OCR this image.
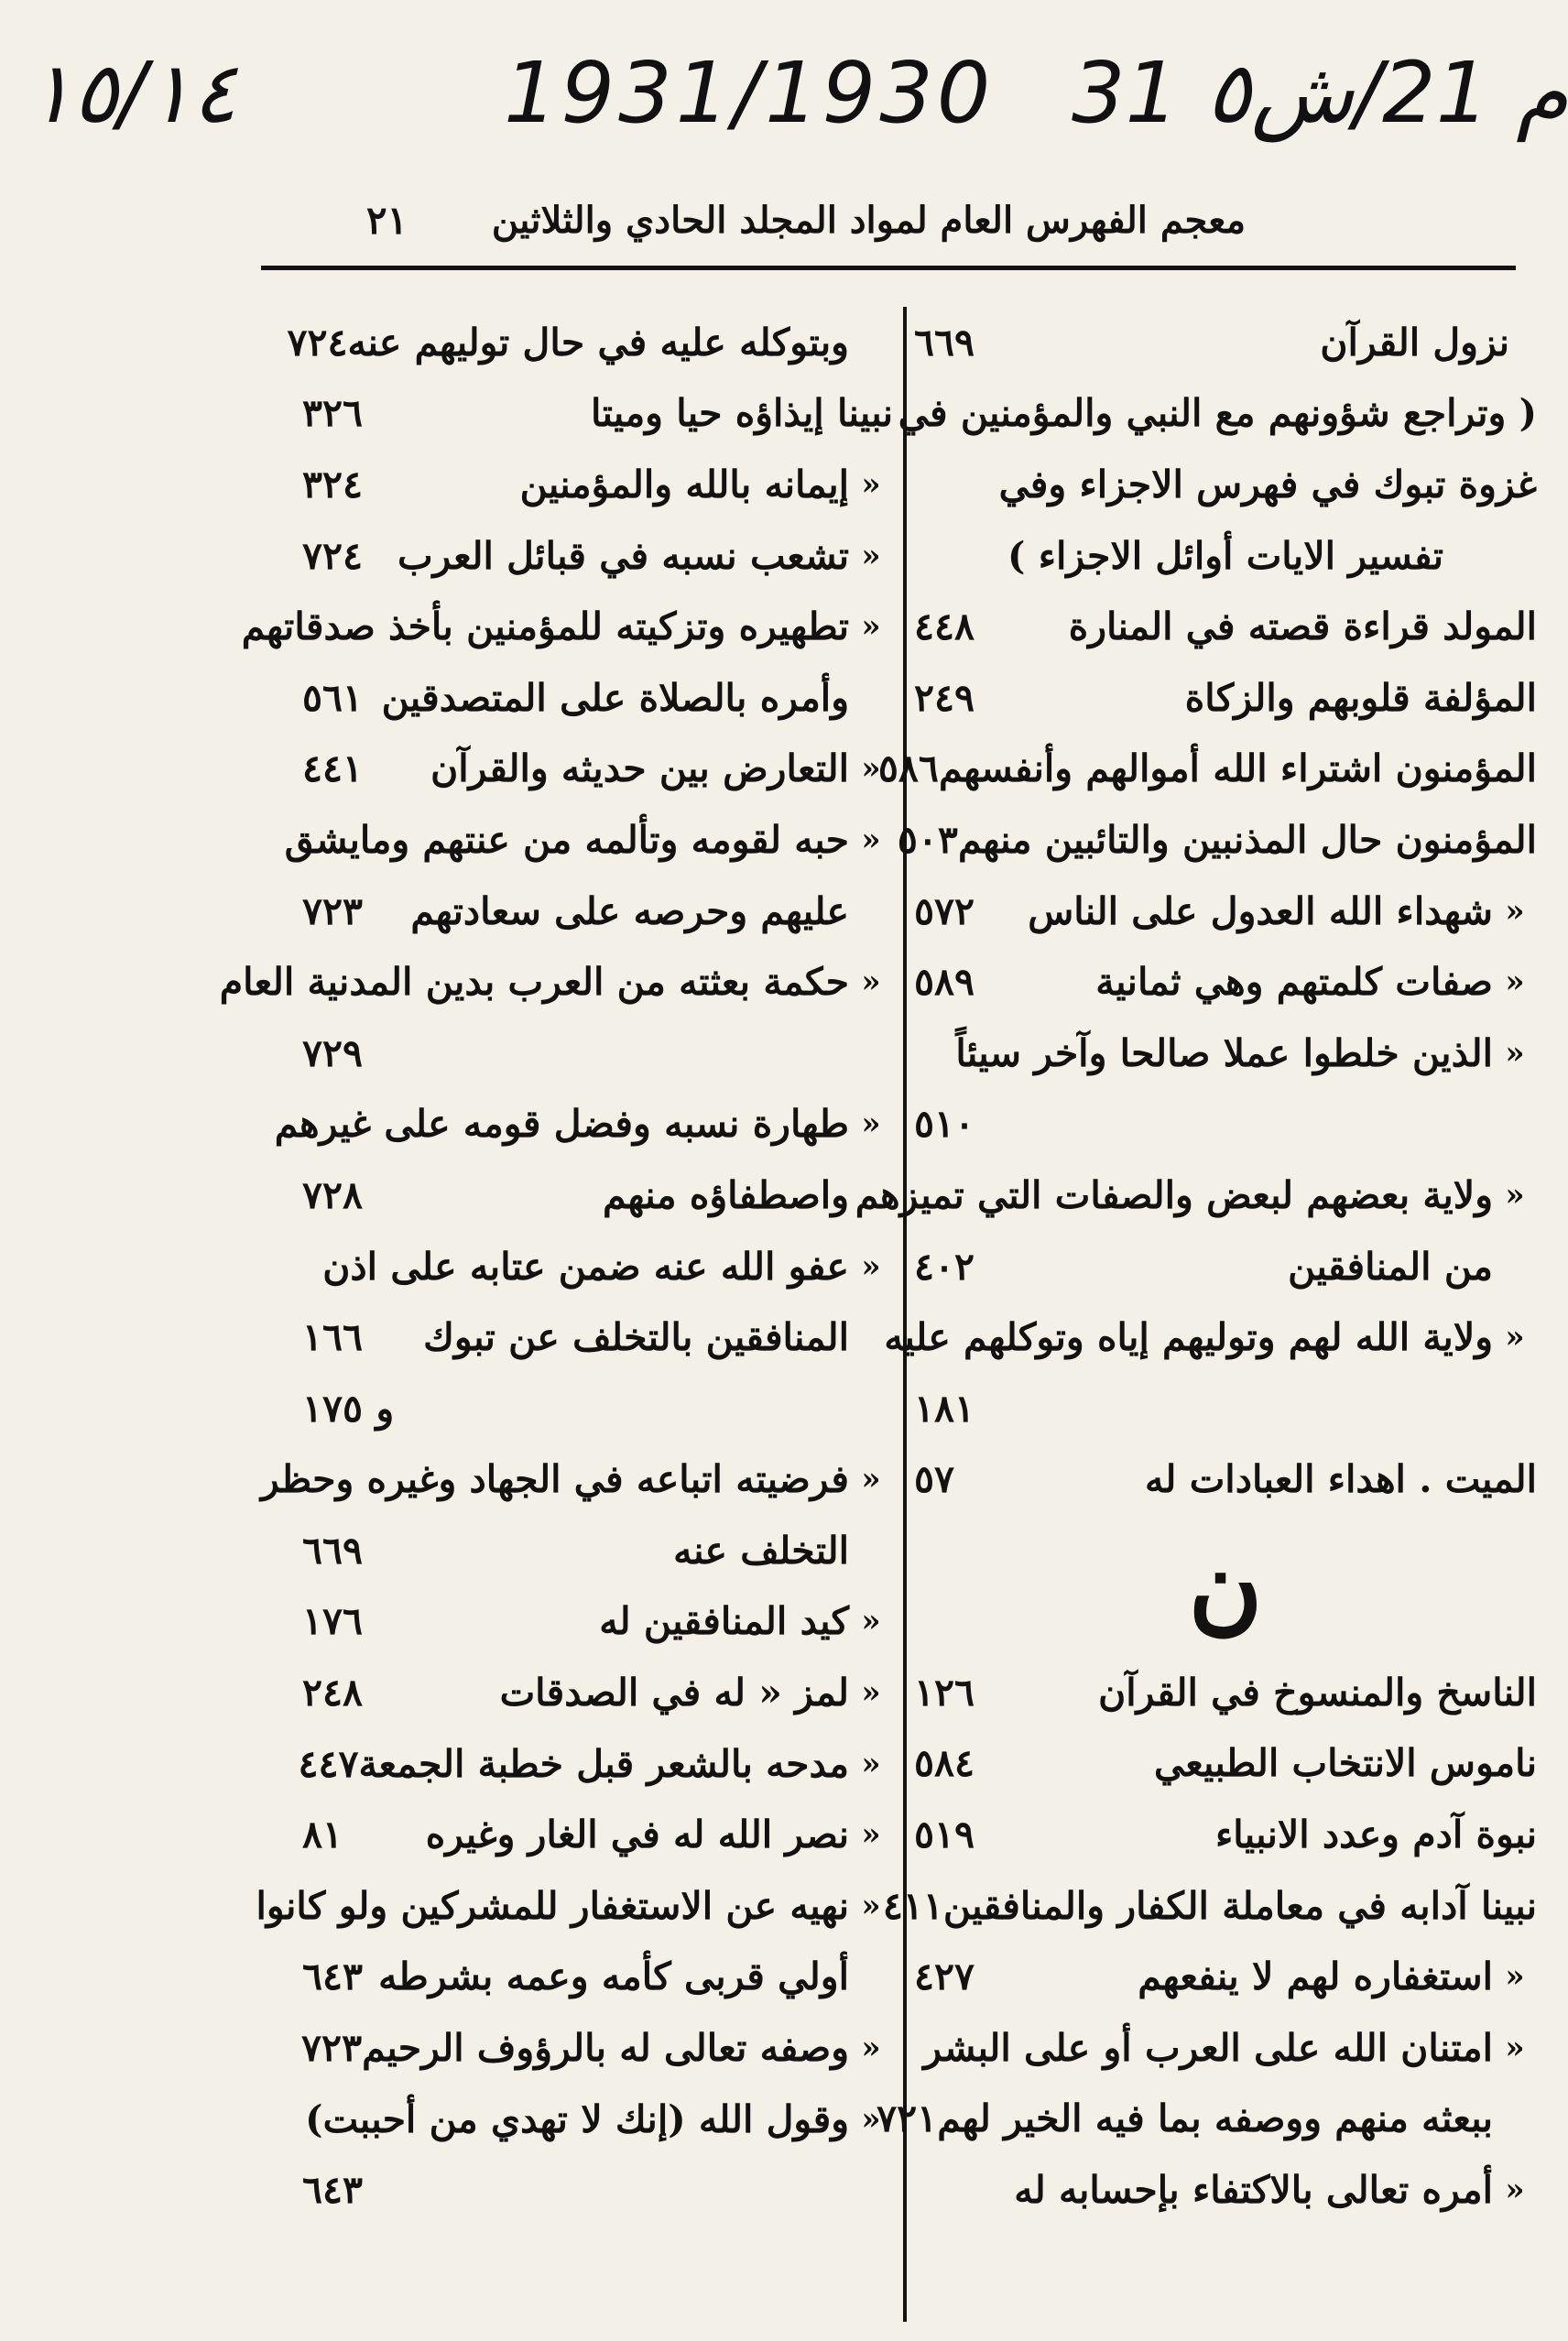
١٥/١٤	1931/1930 31 م 21/ش٥
معجم الفهرس العام لمواد المجلد الحادي والثلاثين
٢١
نزول القرآن
٦٦٩
( وتراجع شؤونهم مع النبي والمؤمنين في
غزوة تبوك في فهرس الاجزاء وفي
تفسير الايات أوائل الاجزاء )
المولد قراءة قصته في المنارة
٤٤٨
المؤلفة قلوبهم والزكاة
٢٤٩
المؤمنون اشتراء الله أموالهم وأنفسهم
٥٨٦
المؤمنون حال المذنبين والتائبين منهم
٥٠٣
«
شهداء الله العدول على الناس
٥٧٢
«
صفات كلمتهم وهي ثمانية
٥٨٩
«
الذين خلطوا عملا صالحا وآخر سيئاً
٥١٠
«
ولاية بعضهم لبعض والصفات التي تميزهم
من المنافقين
٤٠٢
«
ولاية الله لهم وتوليهم إياه وتوكلهم عليه
١٨١
الميت . اهداء العبادات له
٥٧
ن
الناسخ والمنسوخ في القرآن
١٢٦
ناموس الانتخاب الطبيعي
٥٨٤
نبوة آدم وعدد الانبياء
٥١٩
نبينا آدابه في معاملة الكفار والمنافقين
٤١١
«
استغفاره لهم لا ينفعهم
٤٢٧
«
امتنان الله على العرب أو على البشر
ببعثه منهم ووصفه بما فيه الخير لهم
٧٢١
«
أمره تعالى بالاكتفاء بإحسابه له
وبتوكله عليه في حال توليهم عنه
٧٢٤
نبينا إيذاؤه حيا وميتا
٣٢٦
«
إيمانه بالله والمؤمنين
٣٢٤
«
تشعب نسبه في قبائل العرب
٧٢٤
«
تطهيره وتزكيته للمؤمنين بأخذ صدقاتهم
وأمره بالصلاة على المتصدقين
٥٦١
«
التعارض بين حديثه والقرآن
٤٤١
«
حبه لقومه وتألمه من عنتهم ومايشق
عليهم وحرصه على سعادتهم
٧٢٣
«
حكمة بعثته من العرب بدين المدنية العام
٧٢٩
«
طهارة نسبه وفضل قومه على غيرهم
واصطفاؤه منهم
٧٢٨
«
عفو الله عنه ضمن عتابه على اذن
المنافقين بالتخلف عن تبوك
١٦٦
و ١٧٥
«
فرضيته اتباعه في الجهاد وغيره وحظر
التخلف عنه
٦٦٩
«
كيد المنافقين له
١٧٦
«
لمز « له في الصدقات
٢٤٨
«
مدحه بالشعر قبل خطبة الجمعة
٤٤٧
«
نصر الله له في الغار وغيره
٨١
«
نهيه عن الاستغفار للمشركين ولو كانوا
أولي قربى كأمه وعمه بشرطه
٦٤٣
«
وصفه تعالى له بالرؤوف الرحيم
٧٢٣
«
وقول الله (إنك لا تهدي من أحببت)
٦٤٣
